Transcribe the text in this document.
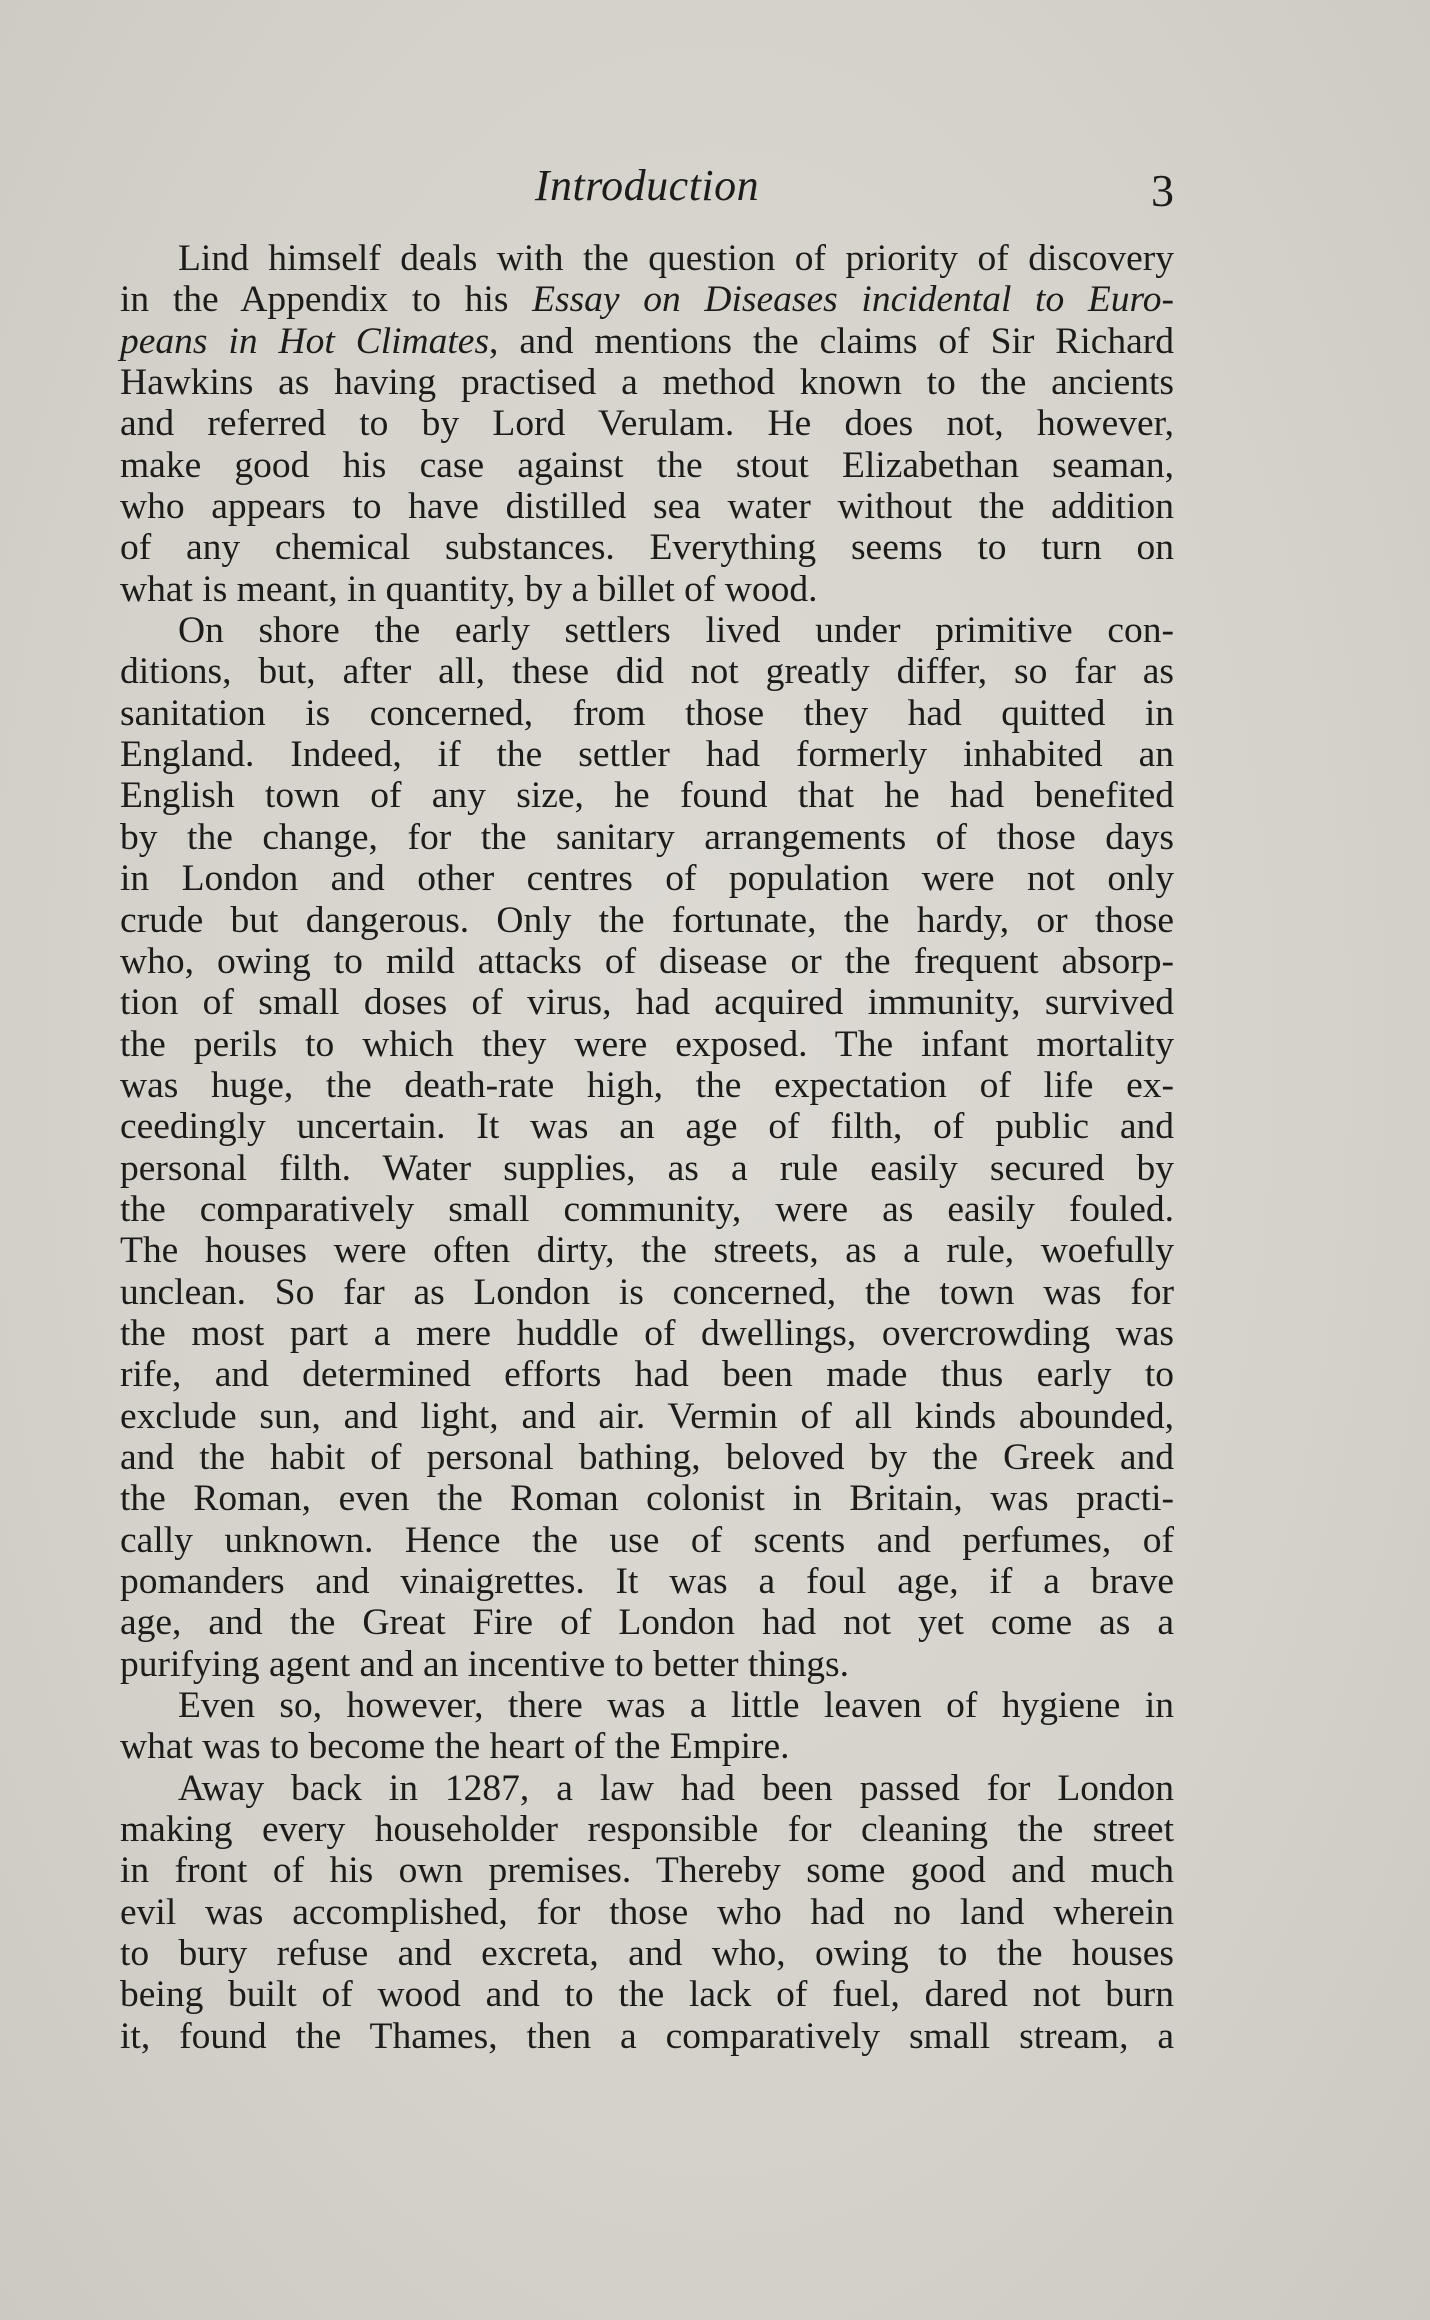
Introduction	3
Lind himself deals with the question of priority of discovery
in the Appendix to his Essay on Diseases incidental to Euro-
peans in Hot Climates, and mentions the claims of Sir Richard
Hawkins as having practised a method known to the ancients
and referred to by Lord Verulam. He does not, however,
make good his case against the stout Elizabethan seaman,
who appears to have distilled sea water without the addition
of any chemical substances. Everything seems to turn on
what is meant, in quantity, by a billet of wood.
On shore the early settlers lived under primitive con-
ditions, but, after all, these did not greatly differ, so far as
sanitation is concerned, from those they had quitted in
England. Indeed, if the settler had formerly inhabited an
English town of any size, he found that he had benefited
by the change, for the sanitary arrangements of those days
in London and other centres of population were not only
crude but dangerous. Only the fortunate, the hardy, or those
who, owing to mild attacks of disease or the frequent absorp-
tion of small doses of virus, had acquired immunity, survived
the perils to which they were exposed. The infant mortality
was huge, the death-rate high, the expectation of life ex-
ceedingly uncertain. It was an age of filth, of public and
personal filth. Water supplies, as a rule easily secured by
the comparatively small community, were as easily fouled.
The houses were often dirty, the streets, as a rule, woefully
unclean. So far as London is concerned, the town was for
the most part a mere huddle of dwellings, overcrowding was
rife, and determined efforts had been made thus early to
exclude sun, and light, and air. Vermin of all kinds abounded,
and the habit of personal bathing, beloved by the Greek and
the Roman, even the Roman colonist in Britain, was practi-
cally unknown. Hence the use of scents and perfumes, of
pomanders and vinaigrettes. It was a foul age, if a brave
age, and the Great Fire of London had not yet come as a
purifying agent and an incentive to better things.
Even so, however, there was a little leaven of hygiene in
what was to become the heart of the Empire.
Away back in 1287, a law had been passed for London
making every householder responsible for cleaning the street
in front of his own premises. Thereby some good and much
evil was accomplished, for those who had no land wherein
to bury refuse and excreta, and who, owing to the houses
being built of wood and to the lack of fuel, dared not burn
it, found the Thames, then a comparatively small stream, a
